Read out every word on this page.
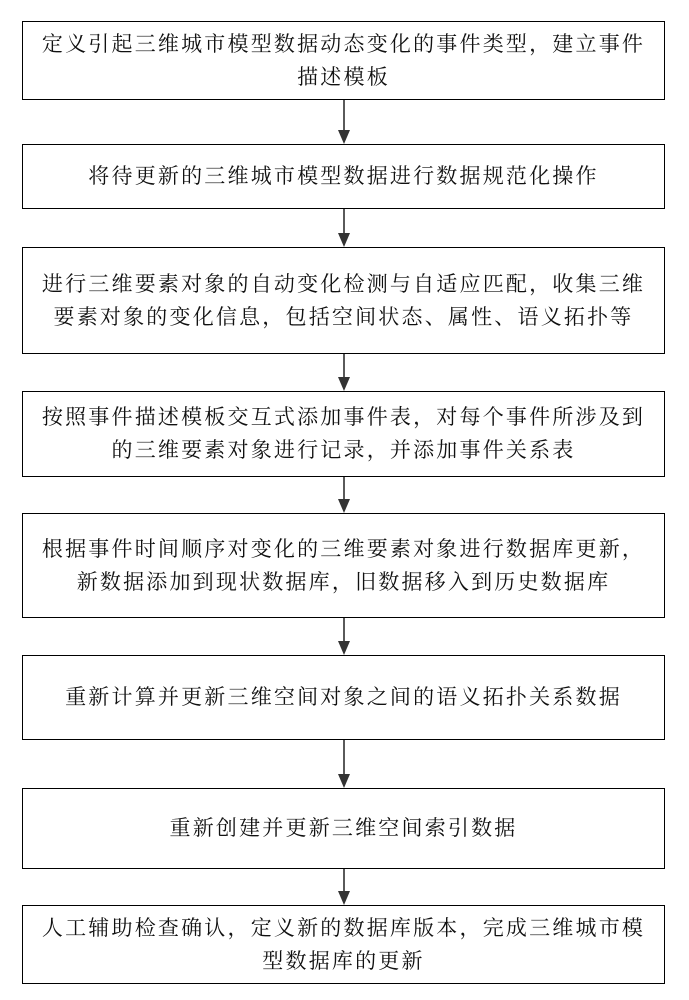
定义引起三维城市模型数据动态变化的事件类型，建立事件描述模板
将待更新的三维城市模型数据进行数据规范化操作
进行三维要素对象的自动变化检测与自适应匹配，收集三维要素对象的变化信息，包括空间状态、属性、语义拓扑等
按照事件描述模板交互式添加事件表，对每个事件所涉及到的三维要素对象进行记录，并添加事件关系表
根据事件时间顺序对变化的三维要素对象进行数据库更新，新数据添加到现状数据库，旧数据移入到历史数据库
重新计算并更新三维空间对象之间的语义拓扑关系数据
重新创建并更新三维空间索引数据
人工辅助检查确认，定义新的数据库版本，完成三维城市模型数据库的更新
